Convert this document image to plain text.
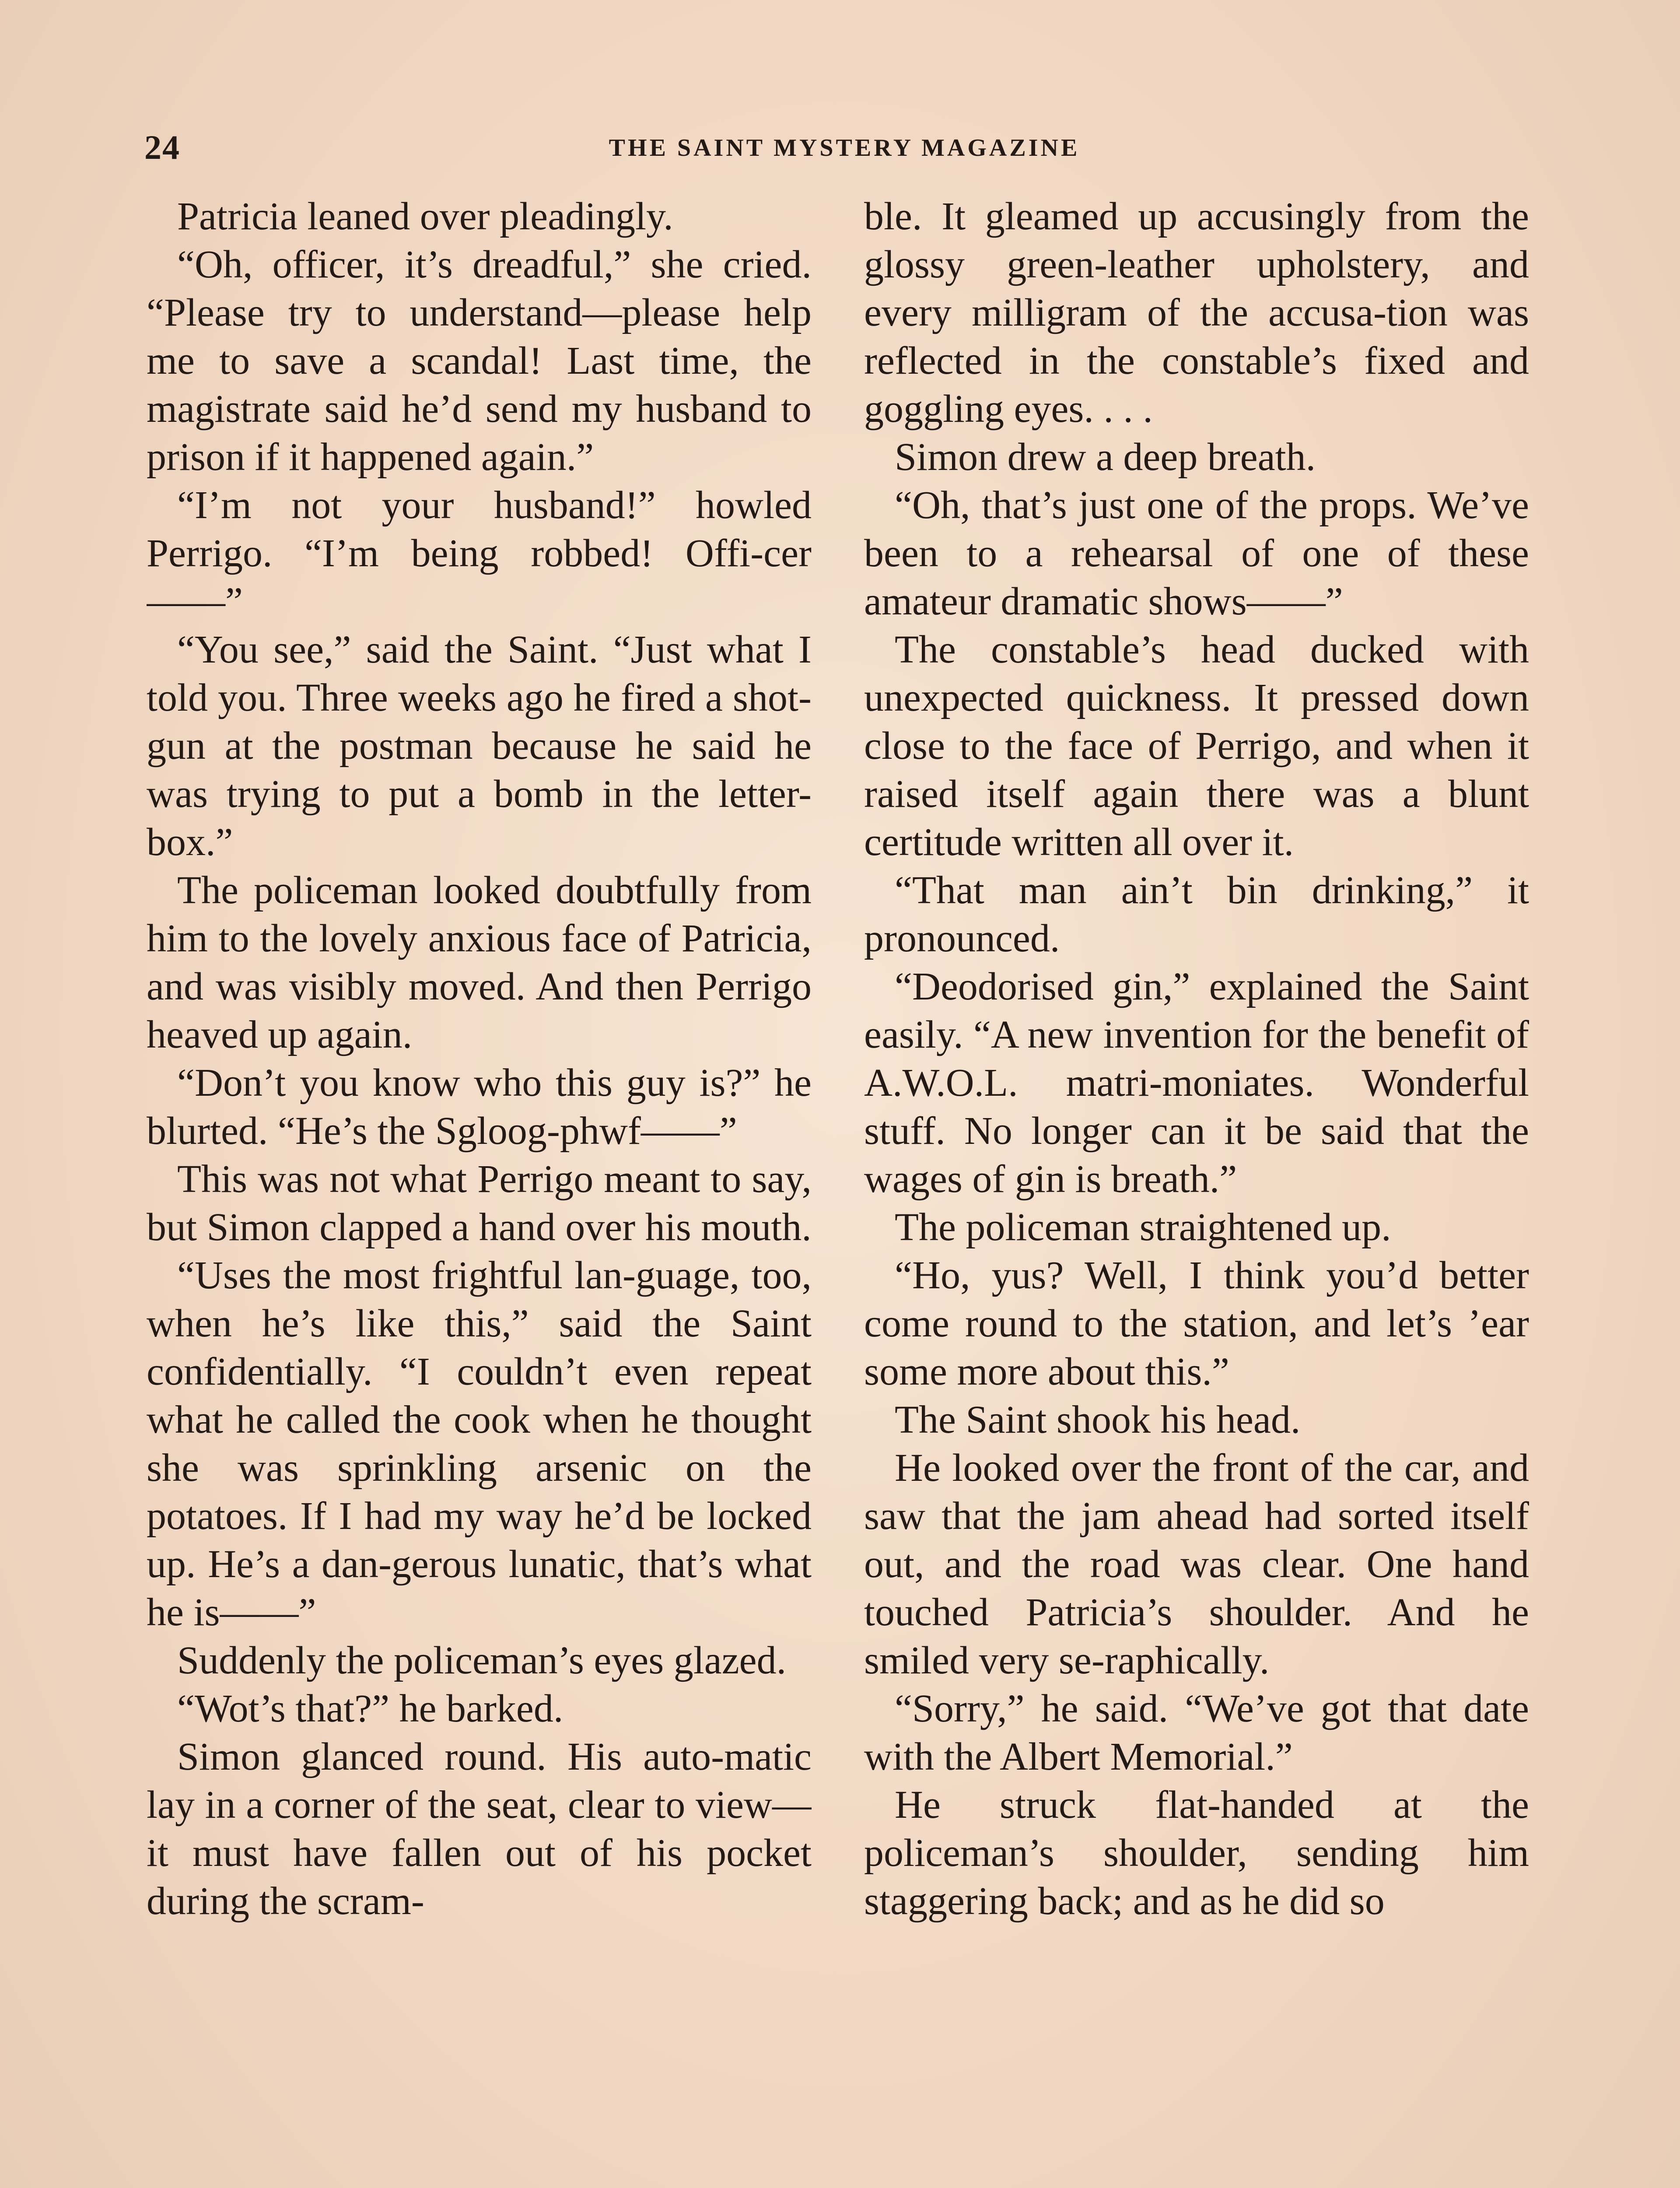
24	THE SAINT MYSTERY MAGAZINE

Patricia leaned over pleadingly.

“Oh, officer, it’s dreadful,” she cried. “Please try to understand—please help me to save a scandal! Last time, the magistrate said he’d send my husband to prison if it happened again.”

“I’m not your husband!” howled Perrigo. “I’m being robbed! Offi-cer——”

“You see,” said the Saint. “Just what I told you. Three weeks ago he fired a shot-gun at the postman because he said he was trying to put a bomb in the letter-box.”

The policeman looked doubtfully from him to the lovely anxious face of Patricia, and was visibly moved. And then Perrigo heaved up again.

“Don’t you know who this guy is?” he blurted. “He’s the Sgloog-phwf——”

This was not what Perrigo meant to say, but Simon clapped a hand over his mouth.

“Uses the most frightful lan-guage, too, when he’s like this,” said the Saint confidentially. “I couldn’t even repeat what he called the cook when he thought she was sprinkling arsenic on the potatoes. If I had my way he’d be locked up. He’s a dan-gerous lunatic, that’s what he is——”

Suddenly the policeman’s eyes glazed.

“Wot’s that?” he barked.

Simon glanced round. His auto-matic lay in a corner of the seat, clear to view—it must have fallen out of his pocket during the scram-

ble. It gleamed up accusingly from the glossy green-leather upholstery, and every milligram of the accusa-tion was reflected in the constable’s fixed and goggling eyes. . . .

Simon drew a deep breath.

“Oh, that’s just one of the props. We’ve been to a rehearsal of one of these amateur dramatic shows——”

The constable’s head ducked with unexpected quickness. It pressed down close to the face of Perrigo, and when it raised itself again there was a blunt certitude written all over it.

“That man ain’t bin drinking,” it pronounced.

“Deodorised gin,” explained the Saint easily. “A new invention for the benefit of A.W.O.L. matri-moniates. Wonderful stuff. No longer can it be said that the wages of gin is breath.”

The policeman straightened up.

“Ho, yus? Well, I think you’d better come round to the station, and let’s ’ear some more about this.”

The Saint shook his head.

He looked over the front of the car, and saw that the jam ahead had sorted itself out, and the road was clear. One hand touched Patricia’s shoulder. And he smiled very se-raphically.

“Sorry,” he said. “We’ve got that date with the Albert Memorial.”

He struck flat-handed at the policeman’s shoulder, sending him staggering back; and as he did so
